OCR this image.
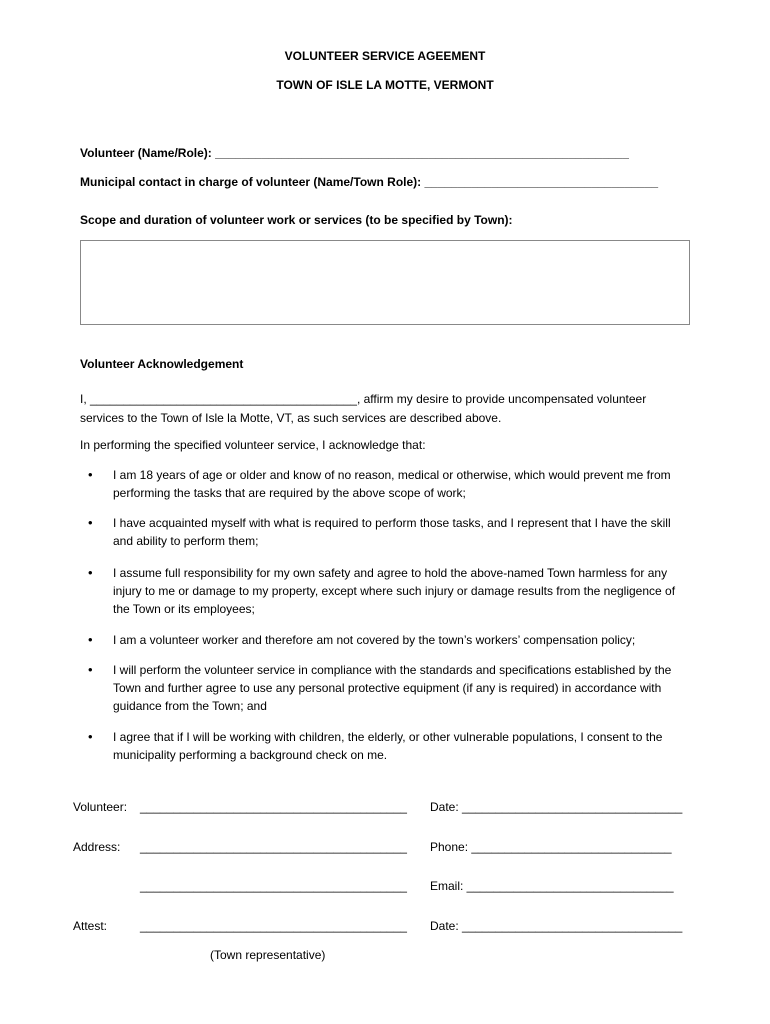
VOLUNTEER SERVICE AGEEMENT
TOWN OF ISLE LA MOTTE, VERMONT
Volunteer (Name/Role): ______________________________________________________________
Municipal contact in charge of volunteer (Name/Town Role): ___________________________________
Scope and duration of volunteer work or services (to be specified by Town):
Volunteer Acknowledgement
I, ________________________________________, affirm my desire to provide uncompensated volunteer
services to the Town of Isle la Motte, VT, as such services are described above.
In performing the specified volunteer service, I acknowledge that:
• I am 18 years of age or older and know of no reason, medical or otherwise, which would prevent me from performing the tasks that are required by the above scope of work;
• I have acquainted myself with what is required to perform those tasks, and I represent that I have the skill and ability to perform them;
• I assume full responsibility for my own safety and agree to hold the above-named Town harmless for any injury to me or damage to my property, except where such injury or damage results from the negligence of the Town or its employees;
• I am a volunteer worker and therefore am not covered by the town’s workers’ compensation policy;
• I will perform the volunteer service in compliance with the standards and specifications established by the Town and further agree to use any personal protective equipment (if any is required) in accordance with guidance from the Town; and
• I agree that if I will be working with children, the elderly, or other vulnerable populations, I consent to the municipality performing a background check on me.
Volunteer: ________________________________________ Date: _________________________________
Address: ________________________________________ Phone: ______________________________
________________________________________ Email: _______________________________
Attest:	________________________________________ Date: _________________________________
(Town representative)
